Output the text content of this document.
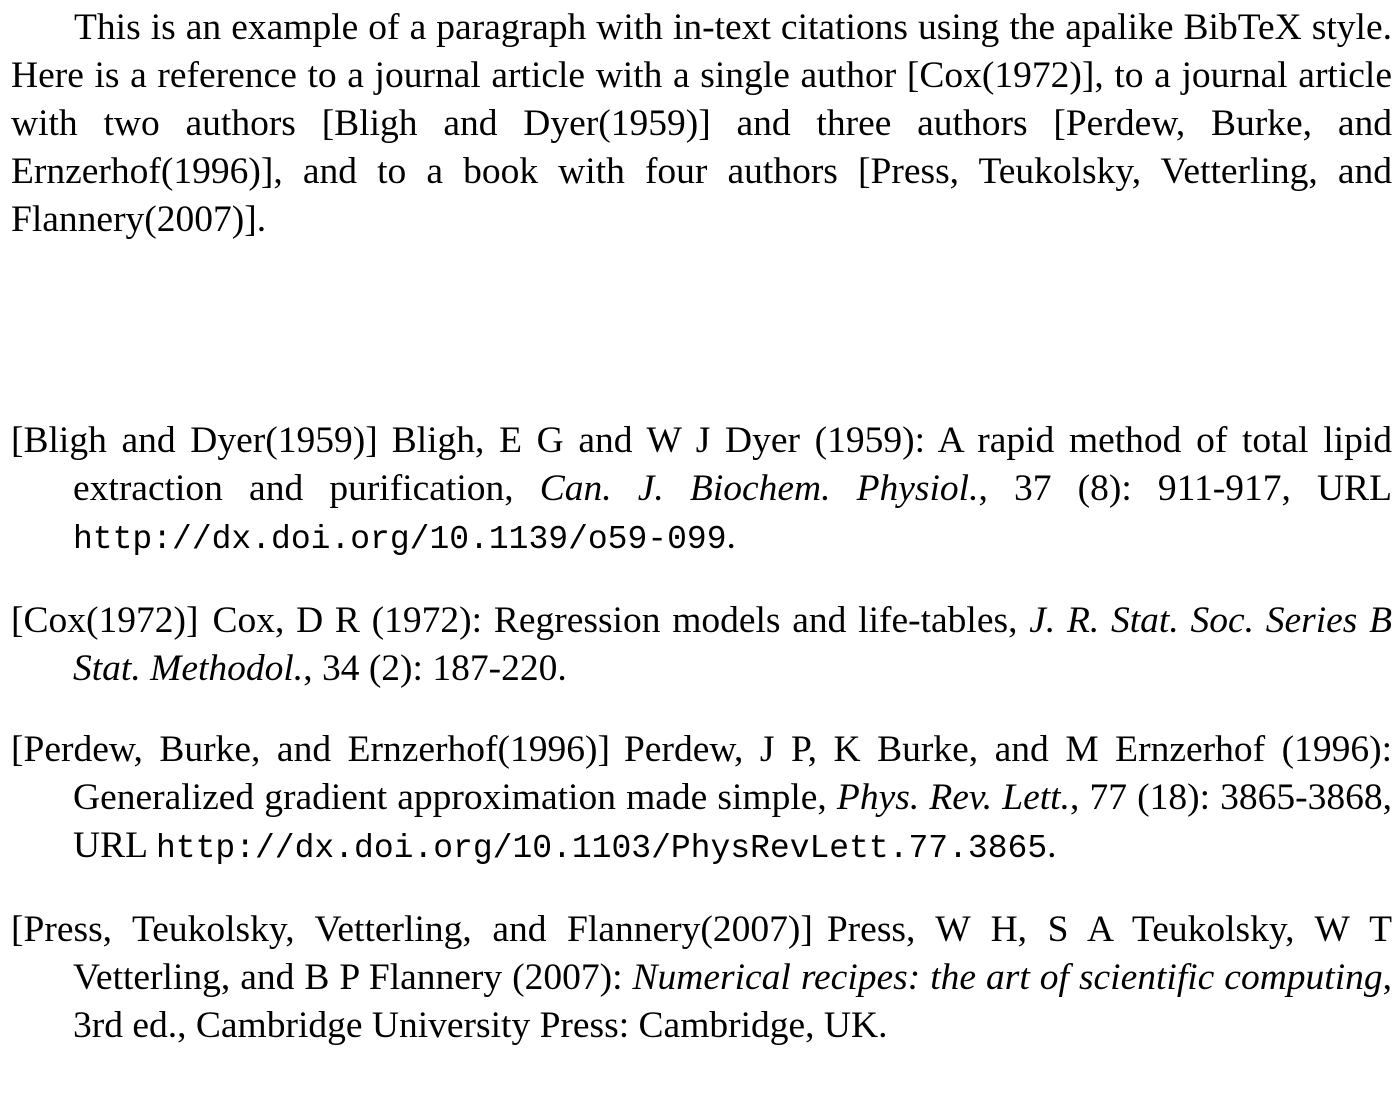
This is an example of a paragraph with in-text citations using the apalike BibTeX style. Here is a reference to a journal article with a single author [Cox(1972)], to a journal article with two authors [Bligh and Dyer(1959)] and three authors [Perdew, Burke, and Ernzerhof(1996)], and to a book with four authors [Press, Teukolsky, Vetterling, and Flannery(2007)].

[Bligh and Dyer(1959)] Bligh, E G and W J Dyer (1959): A rapid method of total lipid extraction and purification, Can. J. Biochem. Physiol., 37 (8): 911-917, URL http://dx.doi.org/10.1139/o59-099.

[Cox(1972)] Cox, D R (1972): Regression models and life-tables, J. R. Stat. Soc. Series B Stat. Methodol., 34 (2): 187-220.

[Perdew, Burke, and Ernzerhof(1996)] Perdew, J P, K Burke, and M Ernzerhof (1996): Generalized gradient approximation made simple, Phys. Rev. Lett., 77 (18): 3865-3868, URL http://dx.doi.org/10.1103/PhysRevLett.77.3865.

[Press, Teukolsky, Vetterling, and Flannery(2007)] Press, W H, S A Teukolsky, W T Vetterling, and B P Flannery (2007): Numerical recipes: the art of scientific computing, 3rd ed., Cambridge University Press: Cambridge, UK.
